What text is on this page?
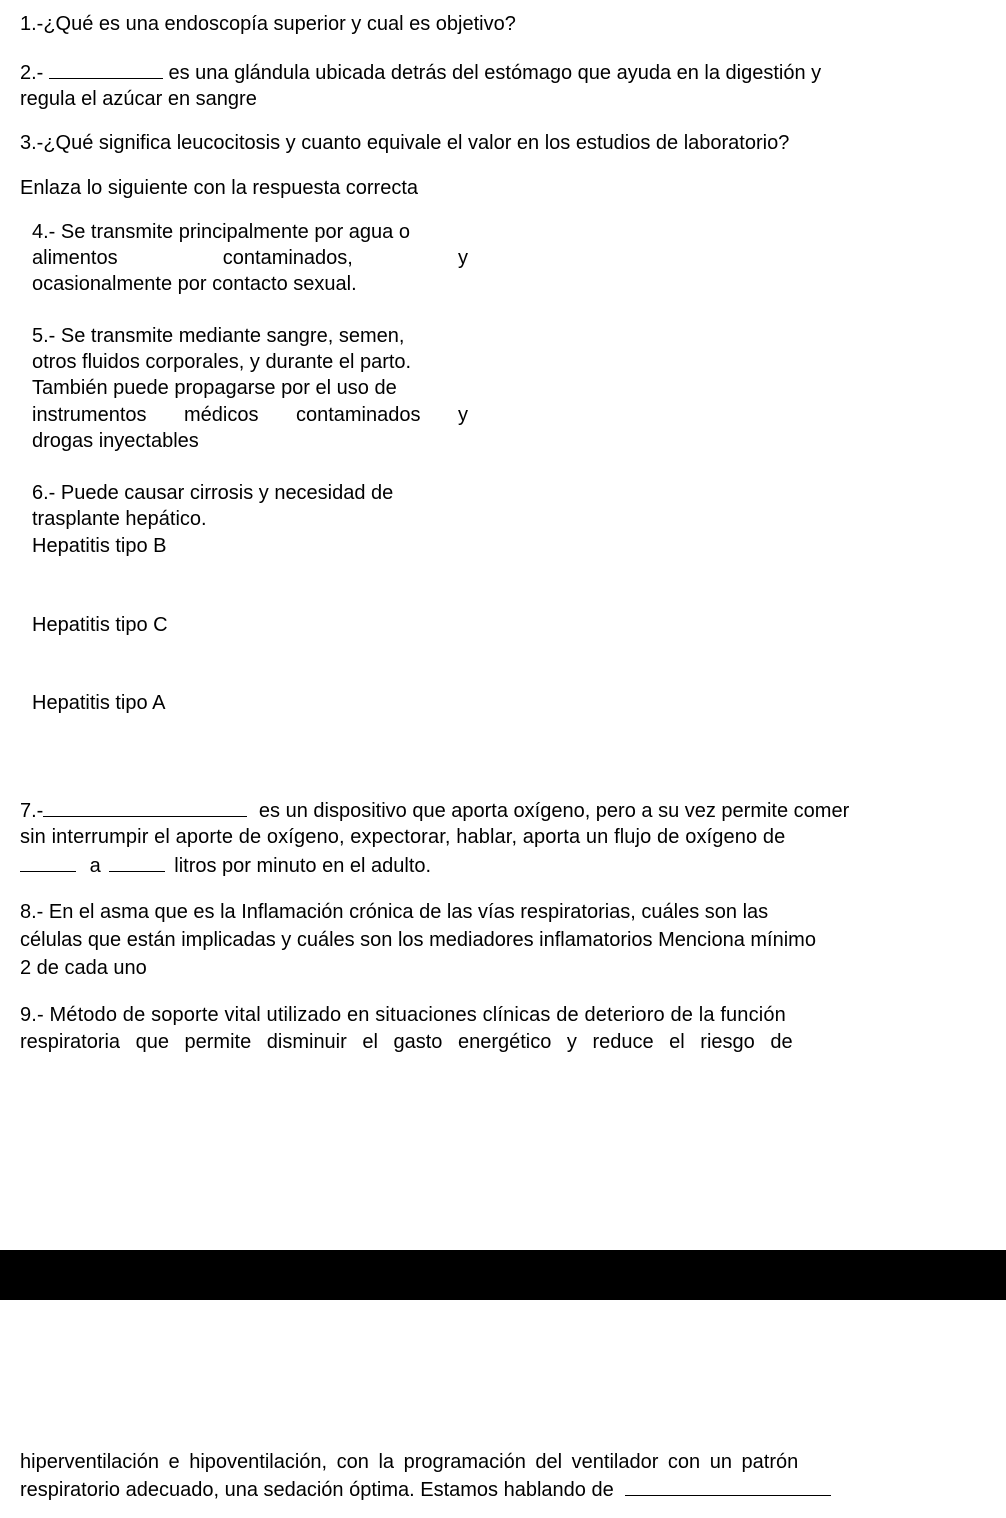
1.-¿Qué es una endoscopía superior y cual es objetivo?
2.-	es una glándula ubicada detrás del estómago que ayuda en la digestión y
regula el azúcar en sangre
3.-¿Qué significa leucocitosis y cuanto equivale el valor en los estudios de laboratorio?
Enlaza lo siguiente con la respuesta correcta
4.- Se transmite principalmente por agua o
alimentos	contaminados,	y
ocasionalmente por contacto sexual.
5.- Se transmite mediante sangre, semen,
otros fluidos corporales, y durante el parto.
También puede propagarse por el uso de
instrumentos médicos contaminados y
drogas inyectables
6.- Puede causar cirrosis y necesidad de
trasplante hepático.
Hepatitis tipo B
Hepatitis tipo C
Hepatitis tipo A
7.-	es un dispositivo que aporta oxígeno, pero a su vez permite comer
sin interrumpir el aporte de oxígeno, expectorar, hablar, aporta un flujo de oxígeno de
a	litros por minuto en el adulto.
8.- En el asma que es la Inflamación crónica de las vías respiratorias, cuáles son las
células que están implicadas y cuáles son los mediadores inflamatorios Menciona mínimo
2 de cada uno
9.- Método de soporte vital utilizado en situaciones clínicas de deterioro de la función
respiratoria que permite disminuir el gasto energético y reduce el riesgo de
hiperventilación e hipoventilación, con la programación del ventilador con un patrón
respiratorio adecuado, una sedación óptima. Estamos hablando de
